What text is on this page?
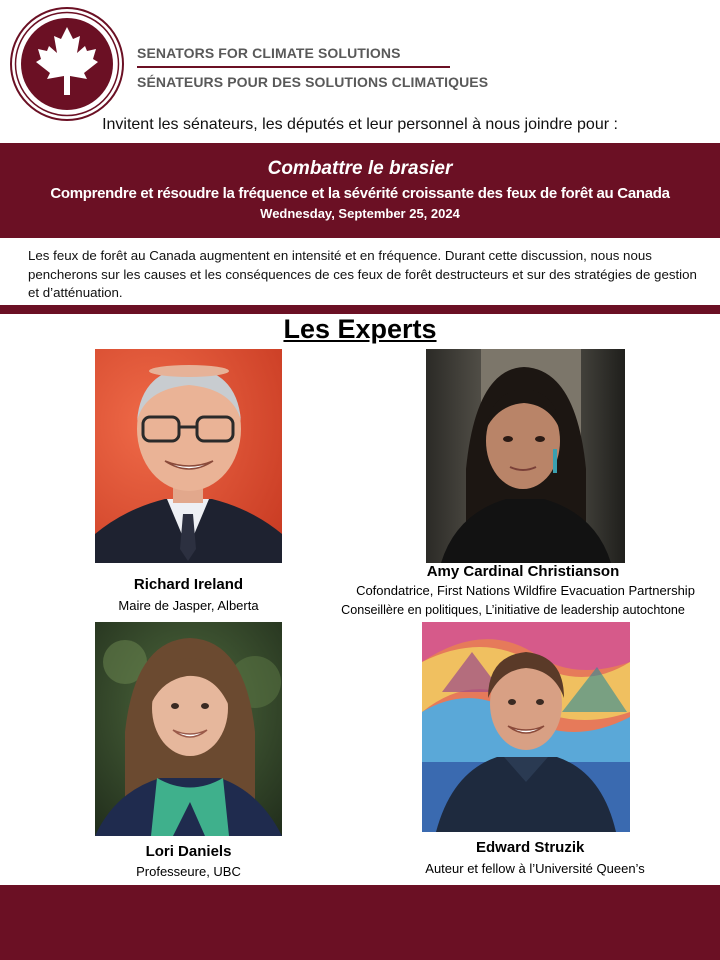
SENATORS FOR CLIMATE SOLUTIONS
SÉNATEURS POUR DES SOLUTIONS CLIMATIQUES
Invitent les sénateurs, les députés et leur personnel à nous joindre pour :
Combattre le brasier
Comprendre et résoudre la fréquence et la sévérité croissante des feux de forêt au Canada
Wednesday, September 25, 2024
Les feux de forêt au Canada augmentent en intensité et en fréquence. Durant cette discussion, nous nous pencherons sur les causes et les conséquences de ces feux de forêt destructeurs et sur des stratégies de gestion et d’atténuation.
Les Experts
Richard Ireland
Maire de Jasper, Alberta
Amy Cardinal Christianson
Cofondatrice, First Nations Wildfire Evacuation Partnership
Conseillère en politiques, L’initiative de leadership autochtone
Lori Daniels
Professeure, UBC
Edward Struzik
Auteur et fellow à l’Université Queen’s
